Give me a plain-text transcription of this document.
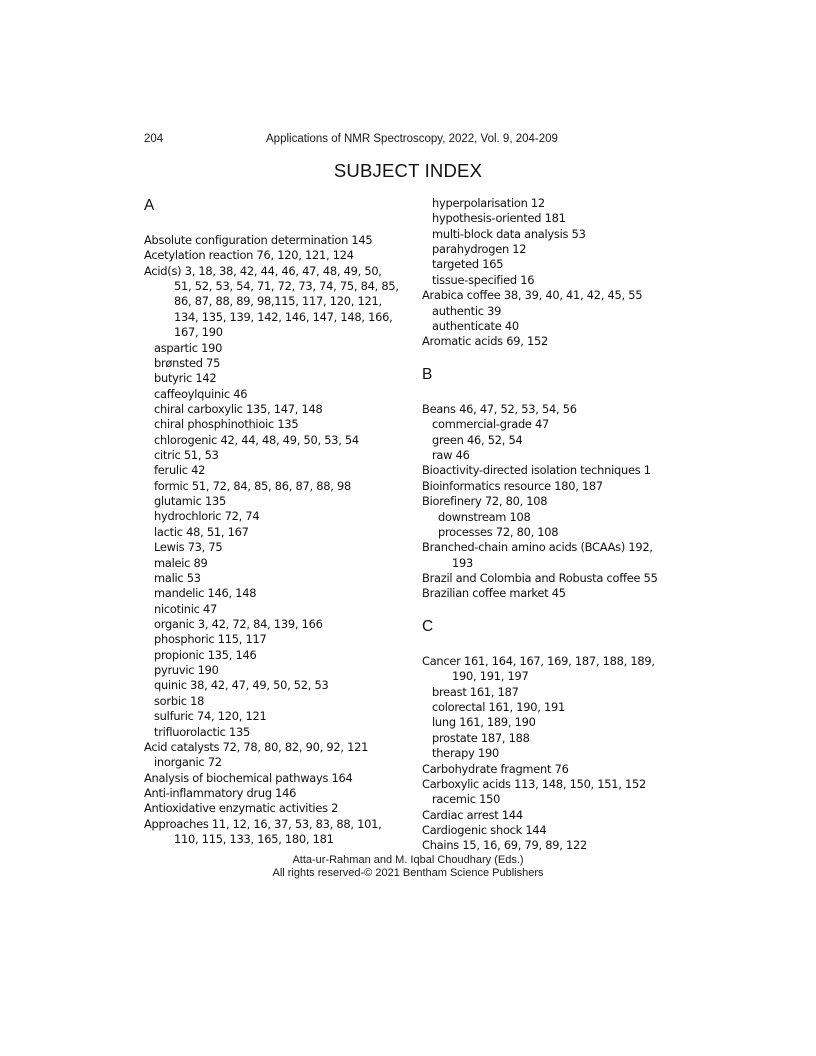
204	Applications of NMR Spectroscopy, 2022, Vol. 9, 204-209
SUBJECT INDEX
A
Absolute configuration determination 145
Acetylation reaction 76, 120, 121, 124
Acid(s) 3, 18, 38, 42, 44, 46, 47, 48, 49, 50,
51, 52, 53, 54, 71, 72, 73, 74, 75, 84, 85,
86, 87, 88, 89, 98,115, 117, 120, 121,
134, 135, 139, 142, 146, 147, 148, 166,
167, 190
aspartic 190
brønsted 75
butyric 142
caffeoylquinic 46
chiral carboxylic 135, 147, 148
chiral phosphinothioic 135
chlorogenic 42, 44, 48, 49, 50, 53, 54
citric 51, 53
ferulic 42
formic 51, 72, 84, 85, 86, 87, 88, 98
glutamic 135
hydrochloric 72, 74
lactic 48, 51, 167
Lewis 73, 75
maleic 89
malic 53
mandelic 146, 148
nicotinic 47
organic 3, 42, 72, 84, 139, 166
phosphoric 115, 117
propionic 135, 146
pyruvic 190
quinic 38, 42, 47, 49, 50, 52, 53
sorbic 18
sulfuric 74, 120, 121
trifluorolactic 135
Acid catalysts 72, 78, 80, 82, 90, 92, 121
inorganic 72
Analysis of biochemical pathways 164
Anti-inflammatory drug 146
Antioxidative enzymatic activities 2
Approaches 11, 12, 16, 37, 53, 83, 88, 101,
110, 115, 133, 165, 180, 181
hyperpolarisation 12
hypothesis-oriented 181
multi-block data analysis 53
parahydrogen 12
targeted 165
tissue-specified 16
Arabica coffee 38, 39, 40, 41, 42, 45, 55
authentic 39
authenticate 40
Aromatic acids 69, 152
B
Beans 46, 47, 52, 53, 54, 56
commercial-grade 47
green 46, 52, 54
raw 46
Bioactivity-directed isolation techniques 1
Bioinformatics resource 180, 187
Biorefinery 72, 80, 108
downstream 108
processes 72, 80, 108
Branched-chain amino acids (BCAAs) 192,
193
Brazil and Colombia and Robusta coffee 55
Brazilian coffee market 45
C
Cancer 161, 164, 167, 169, 187, 188, 189,
190, 191, 197
breast 161, 187
colorectal 161, 190, 191
lung 161, 189, 190
prostate 187, 188
therapy 190
Carbohydrate fragment 76
Carboxylic acids 113, 148, 150, 151, 152
racemic 150
Cardiac arrest 144
Cardiogenic shock 144
Chains 15, 16, 69, 79, 89, 122
Atta-ur-Rahman and M. Iqbal Choudhary (Eds.)
All rights reserved-© 2021 Bentham Science Publishers
